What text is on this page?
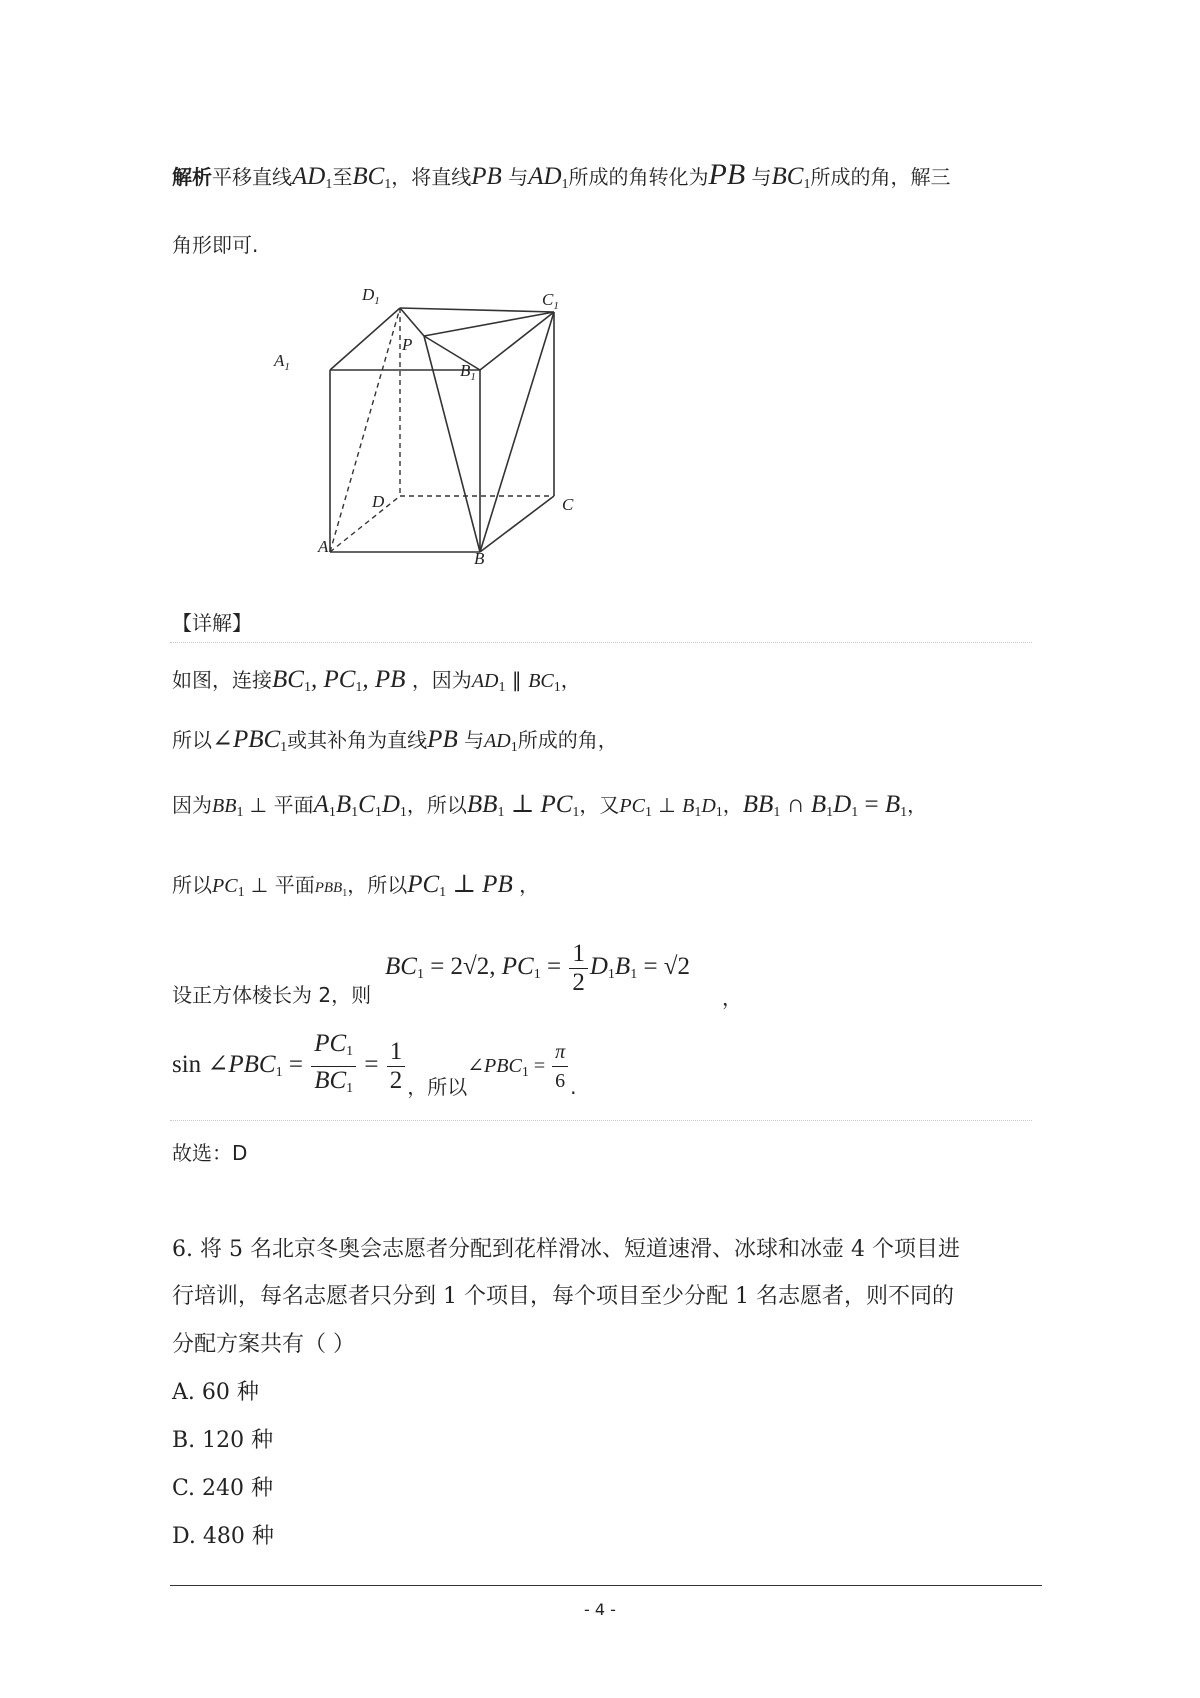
解析平移直线$AD_1$至$BC_1$，将直线PB 与$AD_1$所成的角转化为PB 与$BC_1$所成的角，解三
角形即可.
$D_1$	$C_1$
$A_1$	$B_1$
P
D	C
A
B
【详解】
如图，连接$BC_1$, $PC_1$, PB ，因为$AD_1$ ∥ $BC_1$，
所以$\angle PBC_1$或其补角为直线PB 与$AD_1$所成的角，
因为$BB_1$ ⊥ 平面$A_1B_1C_1D_1$，所以$BB_1$ ⊥ $PC_1$，又$PC_1$ ⊥ $B_1D_1$，$BB_1$ ∩ $B_1D_1 = B_1$，
所以$PC_1$ ⊥ 平面$PBB_1$，所以$PC_1$ ⊥ PB ，
$BC_1 = 2√2$, $PC_1 = \frac{1}{2} D_1B_1 = √2$
设正方体棱长为 2，则	，
$\sin \angle PBC_1 = \frac{PC_1}{BC_1} = \frac{1}{2}$ ，所以$\angle PBC_1 = \frac{\pi}{6}$ .
故选：D
6. 将 5 名北京冬奥会志愿者分配到花样滑冰、短道速滑、冰球和冰壶 4 个项目进
行培训，每名志愿者只分到 1 个项目，每个项目至少分配 1 名志愿者，则不同的
分配方案共有（ ）
A. 60 种
B. 120 种
C. 240 种
D. 480 种
- 4 -
